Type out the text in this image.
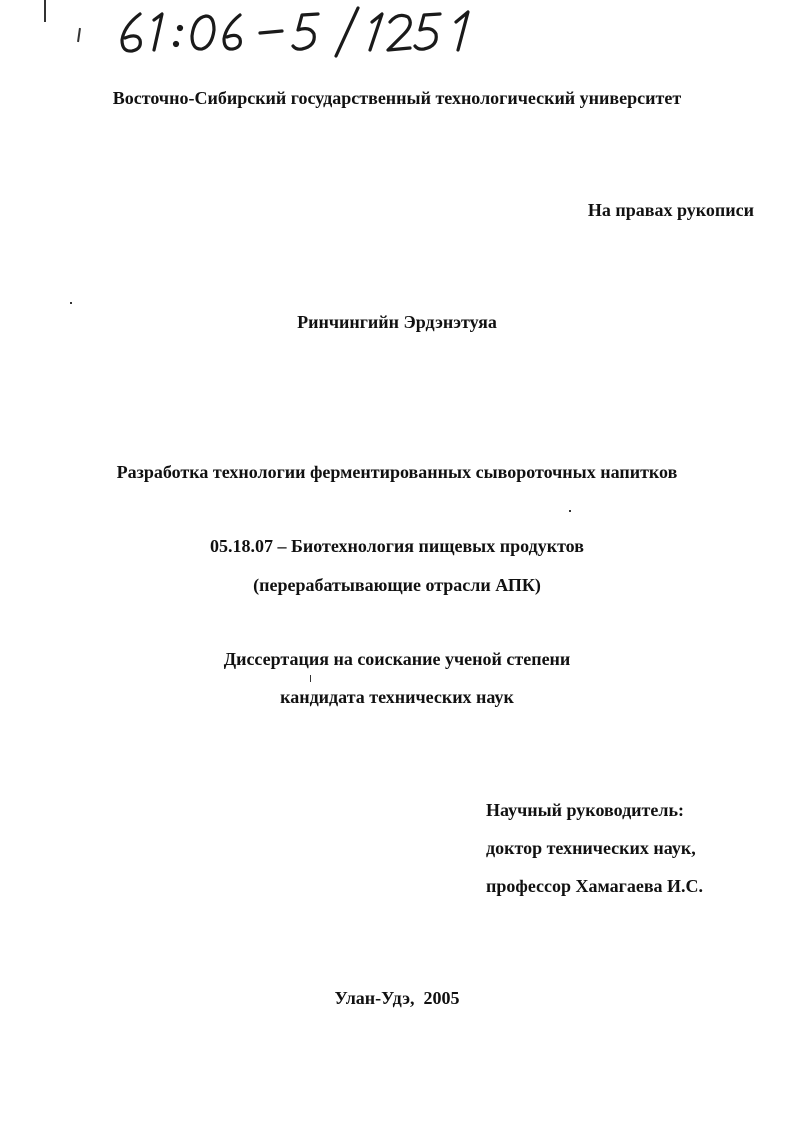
Восточно-Сибирский государственный технологический университет
На правах рукописи
Ринчингийн Эрдэнэтуяа
Разработка технологии ферментированных сывороточных напитков
05.18.07 – Биотехнология пищевых продуктов
(перерабатывающие отрасли АПК)
Диссертация на соискание ученой степени
кандидата технических наук
Научный руководитель:
доктор технических наук,
профессор Хамагаева И.С.
Улан-Удэ,  2005
